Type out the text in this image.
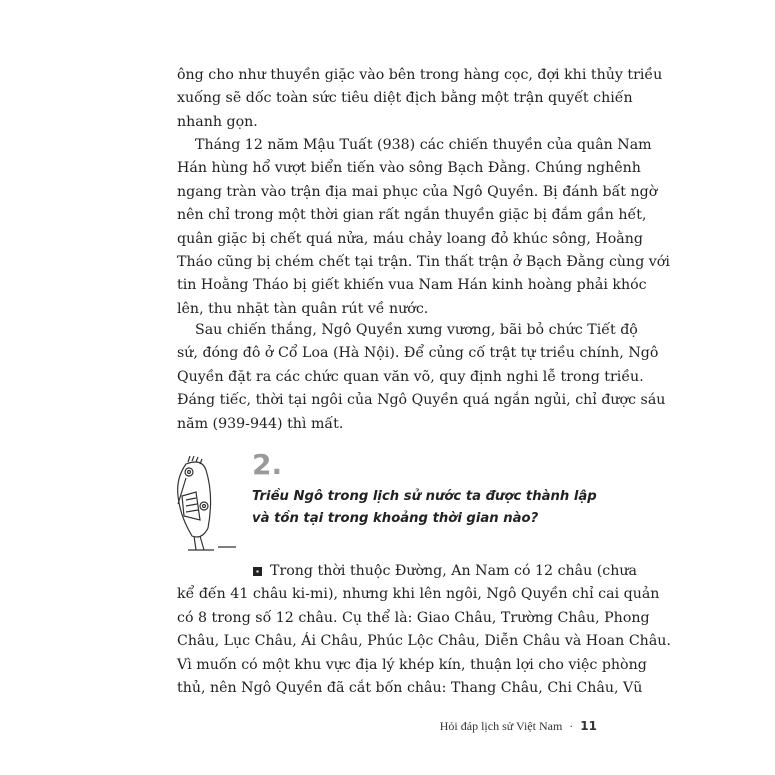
ông cho như thuyền giặc vào bên trong hàng cọc, đợi khi thủy triều
xuống sẽ dốc toàn sức tiêu diệt địch bằng một trận quyết chiến
nhanh gọn.
Tháng 12 năm Mậu Tuất (938) các chiến thuyền của quân Nam
Hán hùng hổ vượt biển tiến vào sông Bạch Đằng. Chúng nghênh
ngang tràn vào trận địa mai phục của Ngô Quyền. Bị đánh bất ngờ
nên chỉ trong một thời gian rất ngắn thuyền giặc bị đắm gần hết,
quân giặc bị chết quá nửa, máu chảy loang đỏ khúc sông, Hoằng
Tháo cũng bị chém chết tại trận. Tin thất trận ở Bạch Đằng cùng với
tin Hoằng Tháo bị giết khiến vua Nam Hán kinh hoàng phải khóc
lên, thu nhặt tàn quân rút về nước.
Sau chiến thắng, Ngô Quyền xưng vương, bãi bỏ chức Tiết độ
sứ, đóng đô ở Cổ Loa (Hà Nội). Để củng cố trật tự triều chính, Ngô
Quyền đặt ra các chức quan văn võ, quy định nghi lễ trong triều.
Đáng tiếc, thời tại ngôi của Ngô Quyền quá ngắn ngủi, chỉ được sáu
năm (939-944) thì mất.
2.
Triều Ngô trong lịch sử nước ta được thành lập
và tồn tại trong khoảng thời gian nào?
Trong thời thuộc Đường, An Nam có 12 châu (chưa
kể đến 41 châu ki-mi), nhưng khi lên ngôi, Ngô Quyền chỉ cai quản
có 8 trong số 12 châu. Cụ thể là: Giao Châu, Trường Châu, Phong
Châu, Lục Châu, Ái Châu, Phúc Lộc Châu, Diễn Châu và Hoan Châu.
Vì muốn có một khu vực địa lý khép kín, thuận lợi cho việc phòng
thủ, nên Ngô Quyền đã cắt bốn châu: Thang Châu, Chi Châu, Vũ
Hỏi đáp lịch sử Việt Nam · 11
